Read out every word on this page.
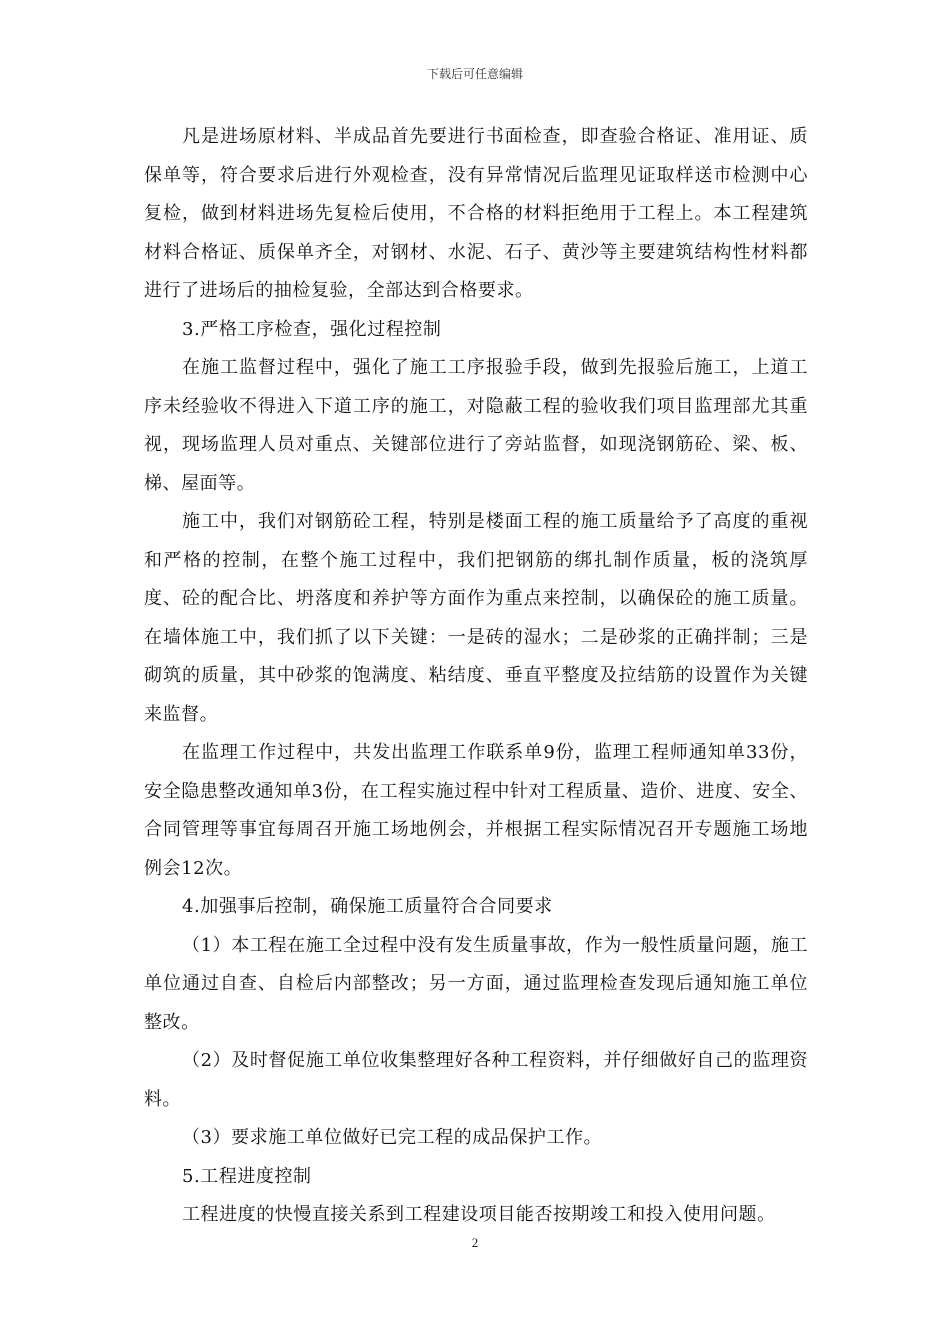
下载后可任意编辑

凡是进场原材料、半成品首先要进行书面检查，即查验合格证、准用证、质保单等，符合要求后进行外观检查，没有异常情况后监理见证取样送市检测中心复检，做到材料进场先复检后使用，不合格的材料拒绝用于工程上。本工程建筑材料合格证、质保单齐全，对钢材、水泥、石子、黄沙等主要建筑结构性材料都进行了进场后的抽检复验，全部达到合格要求。

3.严格工序检查，强化过程控制

在施工监督过程中，强化了施工工序报验手段，做到先报验后施工，上道工序未经验收不得进入下道工序的施工，对隐蔽工程的验收我们项目监理部尤其重视，现场监理人员对重点、关键部位进行了旁站监督，如现浇钢筋砼、梁、板、梯、屋面等。

施工中，我们对钢筋砼工程，特别是楼面工程的施工质量给予了高度的重视和严格的控制，在整个施工过程中，我们把钢筋的绑扎制作质量，板的浇筑厚度、砼的配合比、坍落度和养护等方面作为重点来控制，以确保砼的施工质量。在墙体施工中，我们抓了以下关键：一是砖的湿水；二是砂浆的正确拌制；三是砌筑的质量，其中砂浆的饱满度、粘结度、垂直平整度及拉结筋的设置作为关键来监督。

在监理工作过程中，共发出监理工作联系单9份，监理工程师通知单33份，安全隐患整改通知单3份，在工程实施过程中针对工程质量、造价、进度、安全、合同管理等事宜每周召开施工场地例会，并根据工程实际情况召开专题施工场地例会12次。

4.加强事后控制，确保施工质量符合合同要求

（1）本工程在施工全过程中没有发生质量事故，作为一般性质量问题，施工单位通过自查、自检后内部整改；另一方面，通过监理检查发现后通知施工单位整改。

（2）及时督促施工单位收集整理好各种工程资料，并仔细做好自己的监理资料。

（3）要求施工单位做好已完工程的成品保护工作。

5.工程进度控制

工程进度的快慢直接关系到工程建设项目能否按期竣工和投入使用问题。

2
